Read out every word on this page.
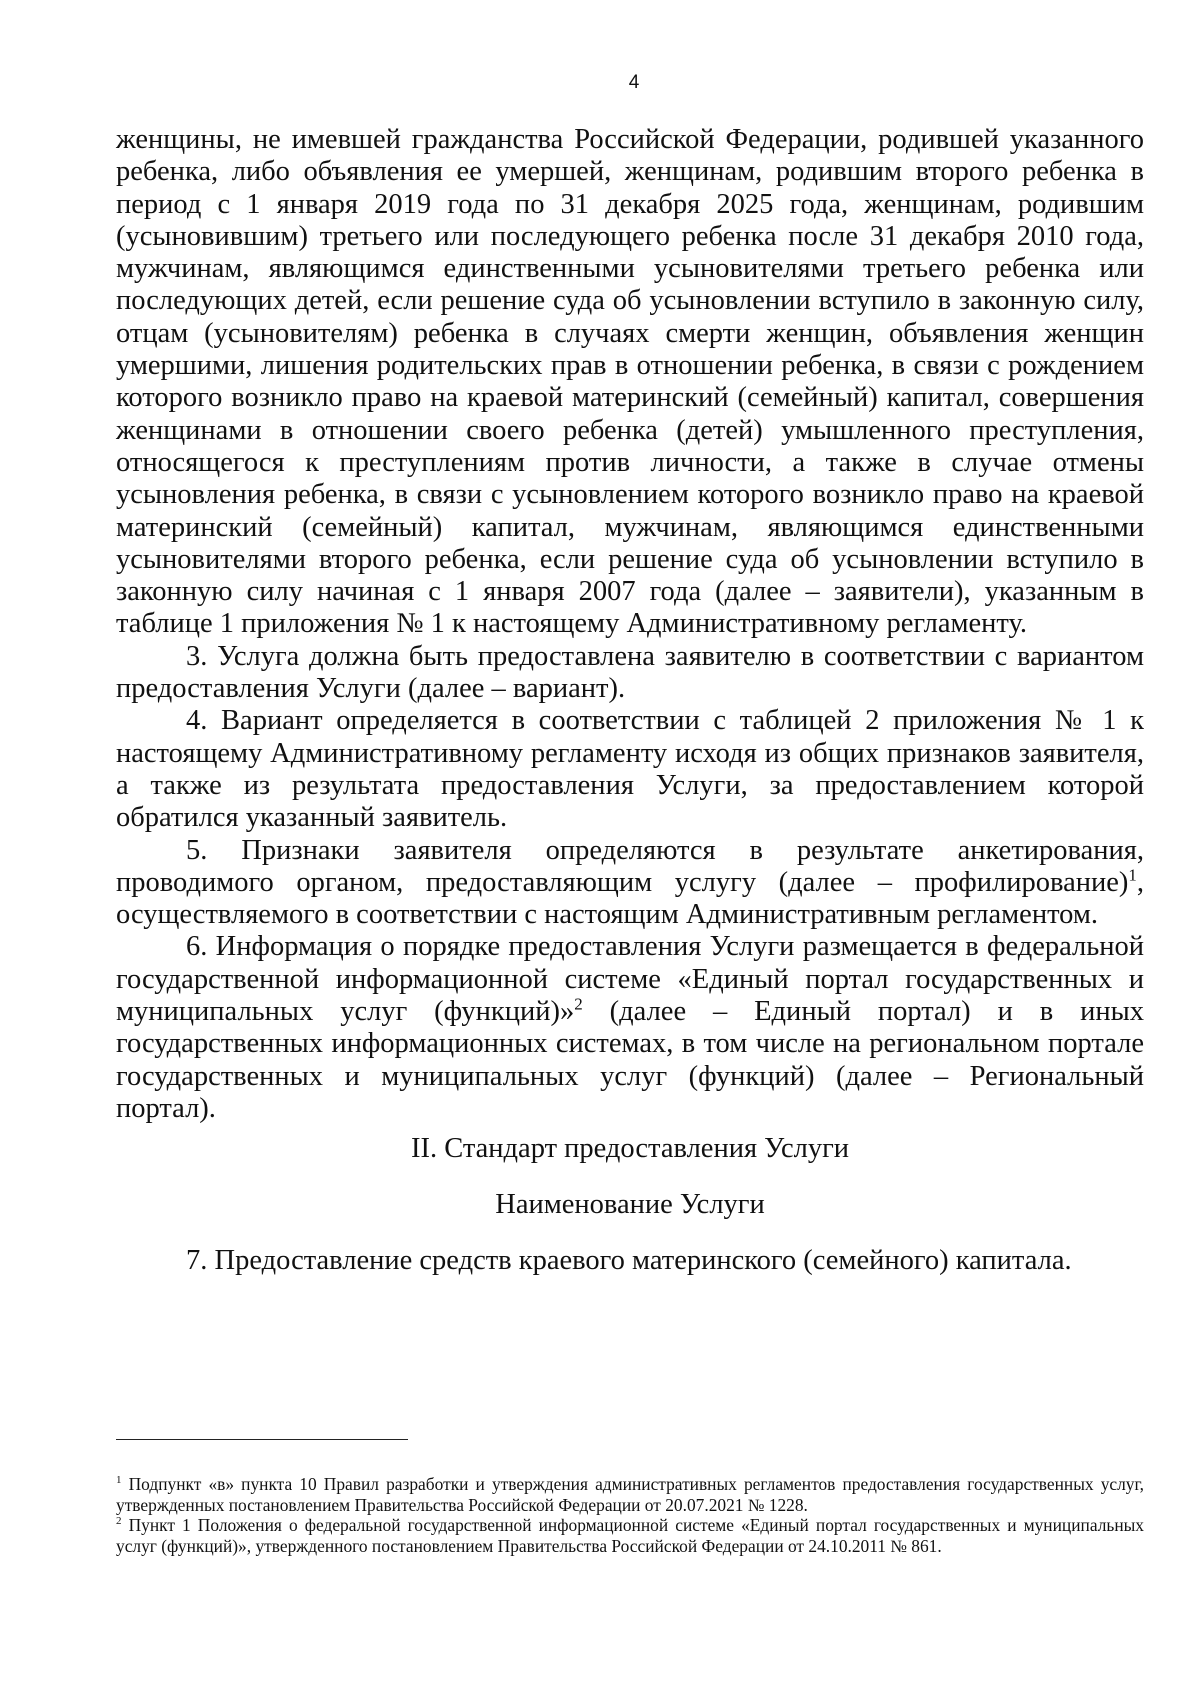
4

женщины, не имевшей гражданства Российской Федерации, родившей указанного ребенка, либо объявления ее умершей, женщинам, родившим второго ребенка в период с 1 января 2019 года по 31 декабря 2025 года, женщинам, родившим (усыновившим) третьего или последующего ребенка после 31 декабря 2010 года, мужчинам, являющимся единственными усыновителями третьего ребенка или последующих детей, если решение суда об усыновлении вступило в законную силу, отцам (усыновителям) ребенка в случаях смерти женщин, объявления женщин умершими, лишения родительских прав в отношении ребенка, в связи с рождением которого возникло право на краевой материнский (семейный) капитал, совершения женщинами в отношении своего ребенка (детей) умышленного преступления, относящегося к преступлениям против личности, а также в случае отмены усыновления ребенка, в связи с усыновлением которого возникло право на краевой материнский (семейный) капитал, мужчинам, являющимся единственными усыновителями второго ребенка, если решение суда об усыновлении вступило в законную силу начиная с 1 января 2007 года (далее – заявители), указанным в таблице 1 приложения № 1 к настоящему Административному регламенту.

3. Услуга должна быть предоставлена заявителю в соответствии с вариантом предоставления Услуги (далее – вариант).

4. Вариант определяется в соответствии с таблицей 2 приложения № 1 к настоящему Административному регламенту исходя из общих признаков заявителя, а также из результата предоставления Услуги, за предоставлением которой обратился указанный заявитель.

5. Признаки заявителя определяются в результате анкетирования, проводимого органом, предоставляющим услугу (далее – профилирование)$^1$, осуществляемого в соответствии с настоящим Административным регламентом.

6. Информация о порядке предоставления Услуги размещается в федеральной государственной информационной системе «Единый портал государственных и муниципальных услуг (функций)»$^2$ (далее – Единый портал) и в иных государственных информационных системах, в том числе на региональном портале государственных и муниципальных услуг (функций) (далее – Региональный портал).

II. Стандарт предоставления Услуги
Наименование Услуги
7. Предоставление средств краевого материнского (семейного) капитала.

$^1$ Подпункт «в» пункта 10 Правил разработки и утверждения административных регламентов предоставления государственных услуг, утвержденных постановлением Правительства Российской Федерации от 20.07.2021 № 1228.

$^2$ Пункт 1 Положения о федеральной государственной информационной системе «Единый портал государственных и муниципальных услуг (функций)», утвержденного постановлением Правительства Российской Федерации от 24.10.2011 № 861.
